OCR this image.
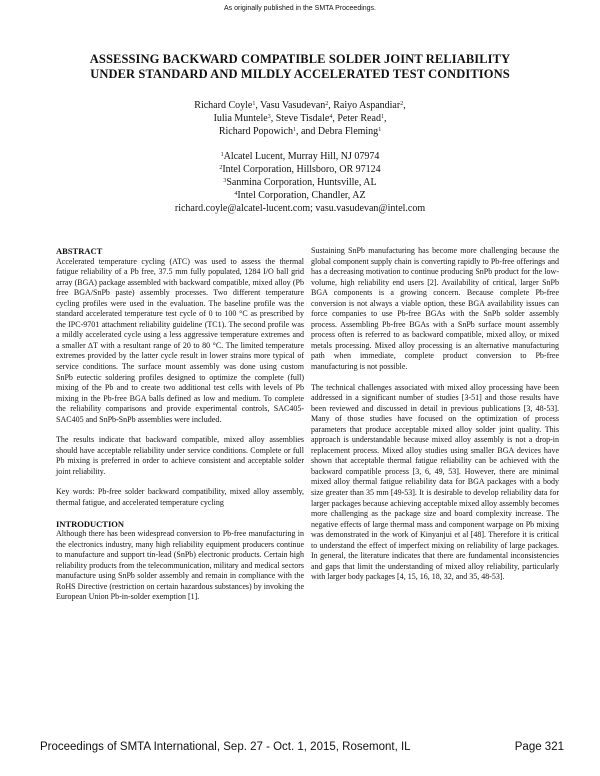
As originally published in the SMTA Proceedings.
ASSESSING BACKWARD COMPATIBLE SOLDER JOINT RELIABILITY
UNDER STANDARD AND MILDLY ACCELERATED TEST CONDITIONS
Richard Coyle$^1$, Vasu Vasudevan$^2$, Raiyo Aspandiar$^2$,
Iulia Muntele$^3$, Steve Tisdale$^4$, Peter Read$^1$,
Richard Popowich$^1$, and Debra Fleming$^1$
$^1$Alcatel Lucent, Murray Hill, NJ 07974
$^2$Intel Corporation, Hillsboro, OR 97124
$^3$Sanmina Corporation, Huntsville, AL
$^4$Intel Corporation, Chandler, AZ
richard.coyle@alcatel-lucent.com; vasu.vasudevan@intel.com
ABSTRACT

Accelerated temperature cycling (ATC) was used to assess the thermal fatigue reliability of a Pb free, 37.5 mm fully populated, 1284 I/O ball grid array (BGA) package assembled with backward compatible, mixed alloy (Pb free BGA/SnPb paste) assembly processes. Two different temperature cycling profiles were used in the evaluation. The baseline profile was the standard accelerated temperature test cycle of 0 to 100 °C as prescribed by the IPC-9701 attachment reliability guideline (TC1). The second profile was a mildly accelerated cycle using a less aggressive temperature extremes and a smaller ∆T with a resultant range of 20 to 80 °C. The limited temperature extremes provided by the latter cycle result in lower strains more typical of service conditions. The surface mount assembly was done using custom SnPb eutectic soldering profiles designed to optimize the complete (full) mixing of the Pb and to create two additional test cells with levels of Pb mixing in the Pb-free BGA balls defined as low and medium. To complete the reliability comparisons and provide experimental controls, SAC405-SAC405 and SnPb-SnPb assemblies were included.

The results indicate that backward compatible, mixed alloy assemblies should have acceptable reliability under service conditions. Complete or full Pb mixing is preferred in order to achieve consistent and acceptable solder joint reliability.

Key words: Pb-free solder backward compatibility, mixed alloy assembly, thermal fatigue, and accelerated temperature cycling

INTRODUCTION

Although there has been widespread conversion to Pb-free manufacturing in the electronics industry, many high reliability equipment producers continue to manufacture and support tin-lead (SnPb) electronic products. Certain high reliability products from the telecommunication, military and medical sectors manufacture using SnPb solder assembly and remain in compliance with the RoHS Directive (restriction on certain hazardous substances) by invoking the European Union Pb-in-solder exemption [1].

Sustaining SnPb manufacturing has become more challenging because the global component supply chain is converting rapidly to Pb-free offerings and has a decreasing motivation to continue producing SnPb product for the low-volume, high reliability end users [2]. Availability of critical, larger SnPb BGA components is a growing concern. Because complete Pb-free conversion is not always a viable option, these BGA availability issues can force companies to use Pb-free BGAs with the SnPb solder assembly process. Assembling Pb-free BGAs with a SnPb surface mount assembly process often is referred to as backward compatible, mixed alloy, or mixed metals processing. Mixed alloy processing is an alternative manufacturing path when immediate, complete product conversion to Pb-free manufacturing is not possible.

The technical challenges associated with mixed alloy processing have been addressed in a significant number of studies [3-51] and those results have been reviewed and discussed in detail in previous publications [3, 48-53]. Many of those studies have focused on the optimization of process parameters that produce acceptable mixed alloy solder joint quality. This approach is understandable because mixed alloy assembly is not a drop-in replacement process. Mixed alloy studies using smaller BGA devices have shown that acceptable thermal fatigue reliability can be achieved with the backward compatible process [3, 6, 49, 53]. However, there are minimal mixed alloy thermal fatigue reliability data for BGA packages with a body size greater than 35 mm [49-53]. It is desirable to develop reliability data for larger packages because achieving acceptable mixed alloy assembly becomes more challenging as the package size and board complexity increase. The negative effects of large thermal mass and component warpage on Pb mixing was demonstrated in the work of Kinyanjui et al [48]. Therefore it is critical to understand the effect of imperfect mixing on reliability of large packages. In general, the literature indicates that there are fundamental inconsistencies and gaps that limit the understanding of mixed alloy reliability, particularly with larger body packages [4, 15, 16, 18, 32, and 35, 48-53].

Proceedings of SMTA International, Sep. 27 - Oct. 1, 2015, Rosemont, IL	Page 321
